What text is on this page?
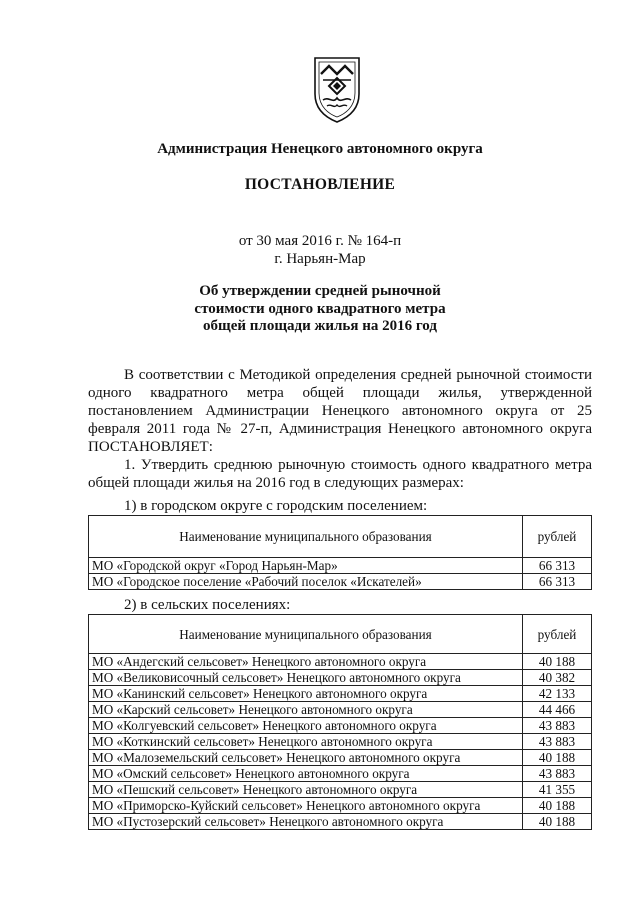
Администрация Ненецкого автономного округа
ПОСТАНОВЛЕНИЕ
от 30 мая 2016 г. № 164-п
г. Нарьян-Мар
Об утверждении средней рыночной
стоимости одного квадратного метра
общей площади жилья на 2016 год
В соответствии с Методикой определения средней рыночной стоимости одного квадратного метра общей площади жилья, утвержденной постановлением Администрации Ненецкого автономного округа от 25 февраля 2011 года № 27-п, Администрация Ненецкого автономного округа ПОСТАНОВЛЯЕТ:
1. Утвердить среднюю рыночную стоимость одного квадратного метра общей площади жилья на 2016 год в следующих размерах:
1) в городском округе с городским поселением:
Наименование муниципального образования	рублей
МО «Городской округ «Город Нарьян-Мар»	66 313
МО «Городское поселение «Рабочий поселок «Искателей»	66 313
2) в сельских поселениях:
Наименование муниципального образования	рублей
МО «Андегский сельсовет» Ненецкого автономного округа	40 188
МО «Великовисочный сельсовет» Ненецкого автономного округа	40 382
МО «Канинский сельсовет» Ненецкого автономного округа	42 133
МО «Карский сельсовет» Ненецкого автономного округа	44 466
МО «Колгуевский сельсовет» Ненецкого автономного округа	43 883
МО «Коткинский сельсовет» Ненецкого автономного округа	43 883
МО «Малоземельский сельсовет» Ненецкого автономного округа	40 188
МО «Омский сельсовет» Ненецкого автономного округа	43 883
МО «Пешский сельсовет» Ненецкого автономного округа	41 355
МО «Приморско-Куйский сельсовет» Ненецкого автономного округа	40 188
МО «Пустозерский сельсовет» Ненецкого автономного округа	40 188
